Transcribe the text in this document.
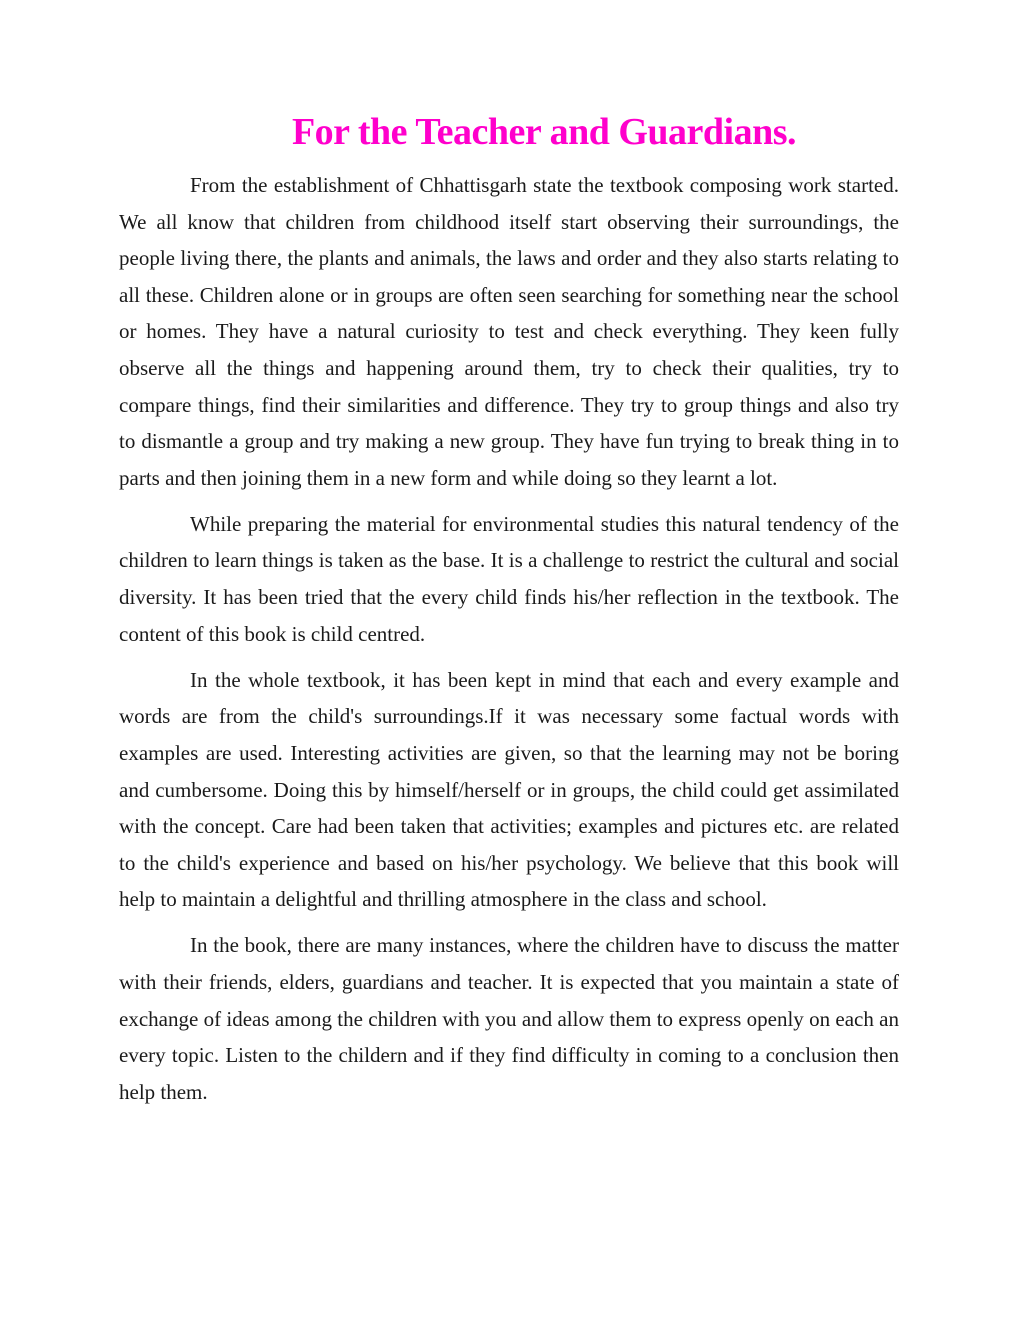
For the Teacher and Guardians.

From the establishment of Chhattisgarh state the textbook composing work started. We all know that children from childhood itself start observing their surroundings, the people living there, the plants and animals, the laws and order and they also starts relating to all these. Children alone or in groups are often seen searching for something near the school or homes. They have a natural curiosity to test and check everything. They keen fully observe all the things and happening around them, try to check their qualities, try to compare things, find their similarities and difference. They try to group things and also try to dismantle a group and try making a new group. They have fun trying to break thing in to parts and then joining them in a new form and while doing so they learnt a lot.

While preparing the material for environmental studies this natural tendency of the children to learn things is taken as the base. It is a challenge to restrict the cultural and social diversity. It has been tried that the every child finds his/her reflection in the textbook. The content of this book is child centred.

In the whole textbook, it has been kept in mind that each and every example and words are from the child's surroundings.If it was necessary some factual words with examples are used. Interesting activities are given, so that the learning may not be boring and cumbersome. Doing this by himself/herself or in groups, the child could get assimilated with the concept. Care had been taken that activities; examples and pictures etc. are related to the child's experience and based on his/her psychology. We believe that this book will help to maintain a delightful and thrilling atmosphere in the class and school.

In the book, there are many instances, where the children have to discuss the matter with their friends, elders, guardians and teacher. It is expected that you maintain a state of exchange of ideas among the children with you and allow them to express openly on each an every topic. Listen to the childern and if they find difficulty in coming to a conclusion then help them.
